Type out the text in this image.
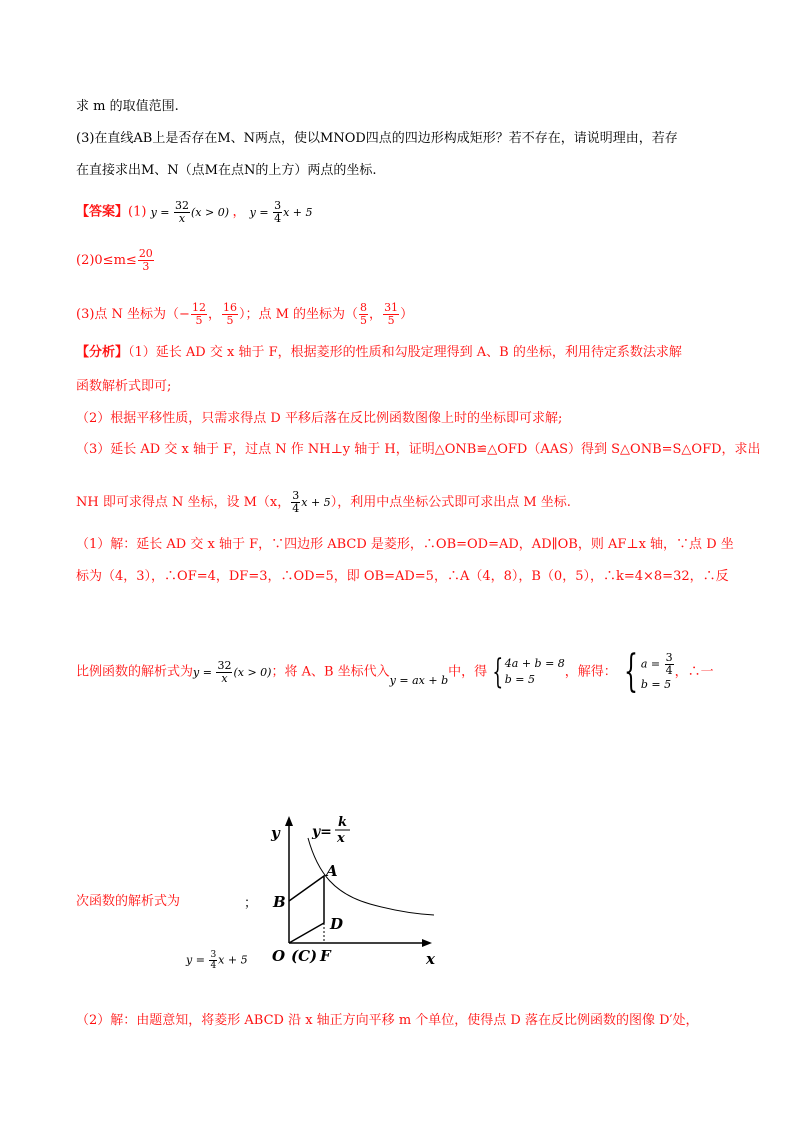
求 m 的取值范围.
(3)在直线AB上是否存在M、N两点，使以MNOD四点的四边形构成矩形？若不存在，请说明理由，若存
在直接求出M、N（点M在点N的上方）两点的坐标.
【答案】(1) $y = \frac{32}{x} (x > 0)$ ， $y = \frac{3}{4}$ x + 5
$(2)0\le m\le \frac{20}{3}$
(3)点 N 坐标为（− $\frac{12}{5}$ ， $\frac{16}{5}$ ）；点 M 的坐标为（ $\frac{8}{5}$ ， $\frac{31}{5}$ ）
【分析】（1）延长 AD 交 x 轴于 F，根据菱形的性质和勾股定理得到 A、B 的坐标，利用待定系数法求解
函数解析式即可;
（2）根据平移性质，只需求得点 D 平移后落在反比例函数图像上时的坐标即可求解;
（3）延长 AD 交 x 轴于 F，过点 N 作 NH⊥y 轴于 H，证明△ONB≌△OFD（AAS）得到 S△ONB=S△OFD，求出
NH 即可求得点 N 坐标，设 M（x， $\frac{3}{4}$ x + 5），利用中点坐标公式即可求出点 M 坐标.
（1）解：延长 AD 交 x 轴于 F，∵四边形 ABCD 是菱形，∴OB=OD=AD，AD∥OB，则 AF⊥x 轴，∵点 D 坐
标为（4，3），∴OF=4，DF=3，∴OD=5，即 OB=AD=5，∴A（4，8），B（0，5），∴k=4×8=32，∴反
比例函数的解析式为$y = \frac{32}{x} (x > 0)$；将 A、B 坐标代入$_{y = ax + b}$中，得 { 4a + b = 8
b = 5	，解得： { $a = \frac{3}{4}$
b = 5
，∴一
次函数的解析式为	；
$y = \frac{3}{4}$ x + 5
y
x
O (C) F
A
B
D
y=
k
x
（2）解：由题意知，将菱形 ABCD 沿 x 轴正方向平移 m 个单位，使得点 D 落在反比例函数的图像 D′处，
